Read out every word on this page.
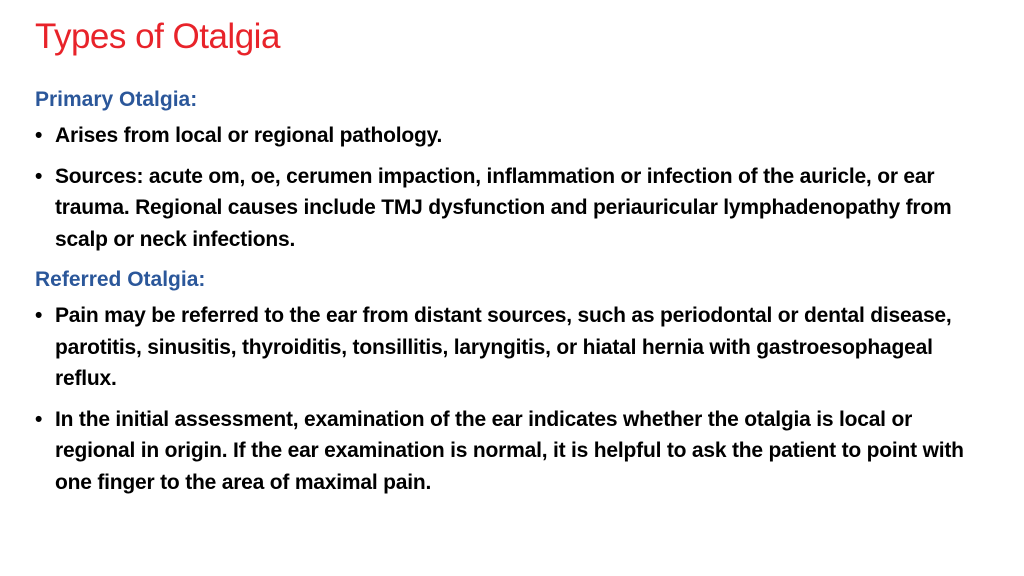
Types of Otalgia
Primary Otalgia:
• Arises from local or regional pathology.
• Sources: acute om, oe, cerumen impaction, inflammation or infection of the auricle, or ear trauma. Regional causes include TMJ dysfunction and periauricular lymphadenopathy from scalp or neck infections.
Referred Otalgia:
• Pain may be referred to the ear from distant sources, such as periodontal or dental disease, parotitis, sinusitis, thyroiditis, tonsillitis, laryngitis, or hiatal hernia with gastroesophageal reflux.
• In the initial assessment, examination of the ear indicates whether the otalgia is local or regional in origin. If the ear examination is normal, it is helpful to ask the patient to point with one finger to the area of maximal pain.
